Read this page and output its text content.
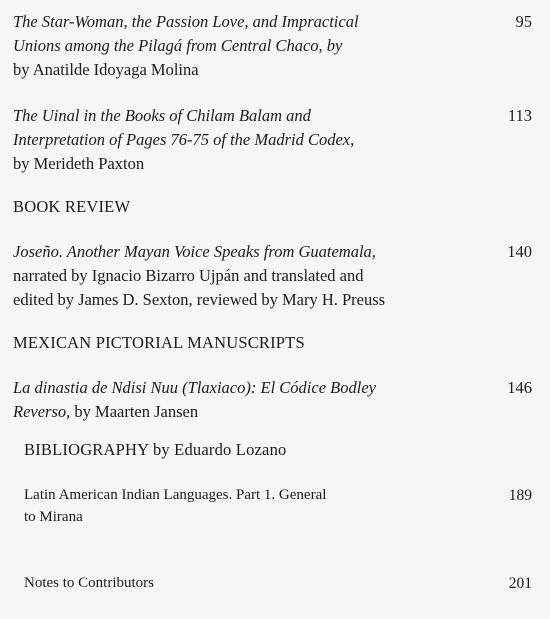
The Star-Woman, the Passion Love, and Impractical
Unions among the Pilagá from Central Chaco, by
by Anatilde Idoyaga Molina
95
The Uinal in the Books of Chilam Balam and
Interpretation of Pages 76-75 of the Madrid Codex,
by Merideth Paxton
113
BOOK REVIEW
Joseño. Another Mayan Voice Speaks from Guatemala,
narrated by Ignacio Bizarro Ujpán and translated and
edited by James D. Sexton, reviewed by Mary H. Preuss
140
MEXICAN PICTORIAL MANUSCRIPTS
La dinastia de Ndisi Nuu (Tlaxiaco): El Códice Bodley
Reverso, by Maarten Jansen
146
BIBLIOGRAPHY by Eduardo Lozano
Latin American Indian Languages. Part 1. General
to Mirana
189
Notes to Contributors	201
